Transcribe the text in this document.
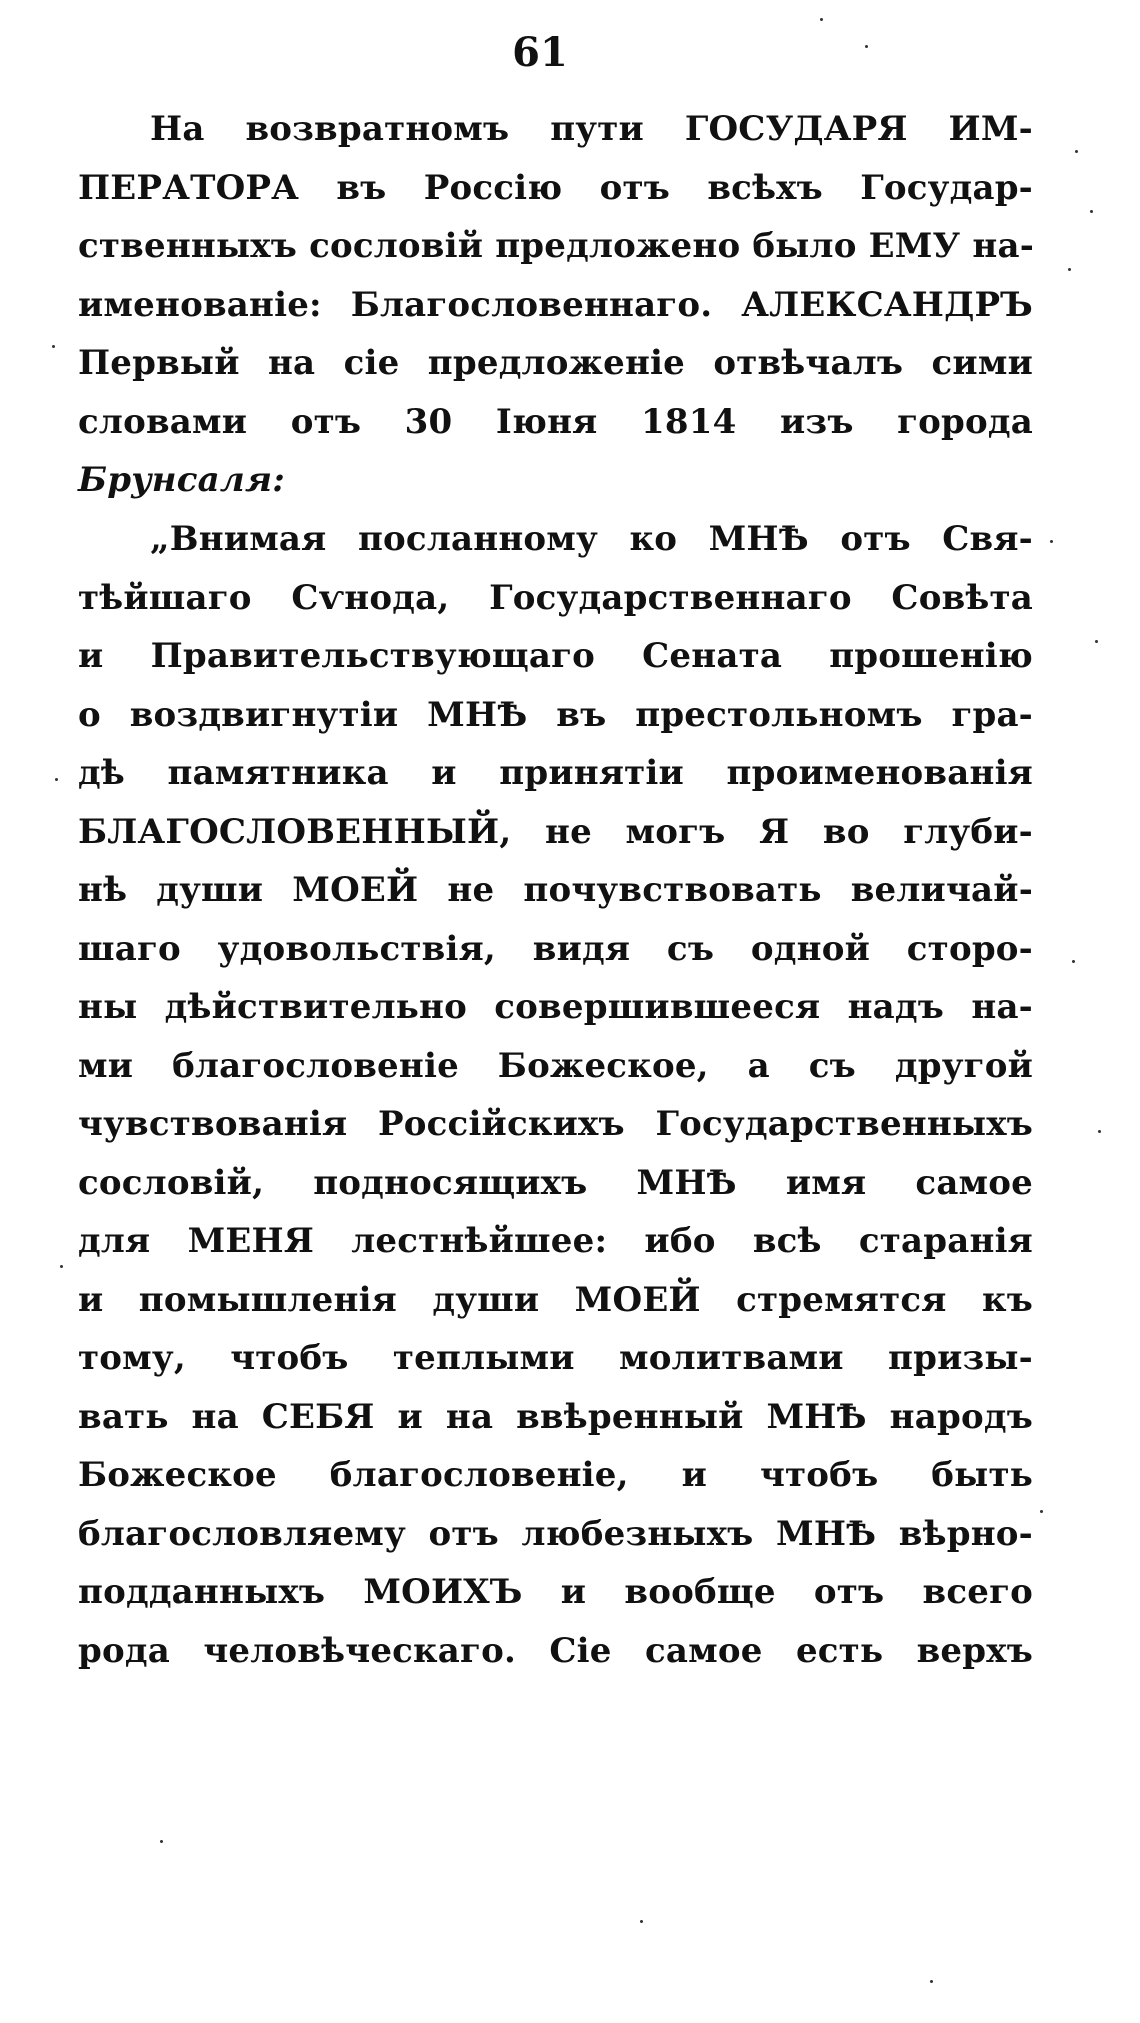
61
На возвратномъ пути ГОСУДАРЯ ИМ-
ПЕРАТОРА въ Россію отъ всѣхъ Государ-
ственныхъ сословій предложено было ЕМУ на-
именованіе: Благословеннаго. АЛЕКСАНДРЪ
Первый на сіе предложеніе отвѣчалъ сими
словами отъ 30 Іюня 1814 изъ города
Брунсаля:
„Внимая посланному ко МНѢ отъ Свя-
тѣйшаго Сѵнода, Государственнаго Совѣта
и Правительствующаго Сената прошенію
о воздвигнутіи МНѢ въ престольномъ гра-
дѣ памятника и принятіи проименованія
БЛАГОСЛОВЕННЫЙ, не могъ Я во глуби-
нѣ души МОЕЙ не почувствовать величай-
шаго удовольствія, видя съ одной сторо-
ны дѣйствительно совершившееся надъ на-
ми благословеніе Божеское, а съ другой
чувствованія Россійскихъ Государственныхъ
сословій, подносящихъ МНѢ имя самое
для МЕНЯ лестнѣйшее: ибо всѣ старанія
и помышленія души МОЕЙ стремятся къ
тому, чтобъ теплыми молитвами призы-
вать на СЕБЯ и на ввѣренный МНѢ народъ
Божеское благословеніе, и чтобъ быть
благословляему отъ любезныхъ МНѢ вѣрно-
подданныхъ МОИХЪ и вообще отъ всего
рода человѣческаго. Сіе самое есть верхъ
